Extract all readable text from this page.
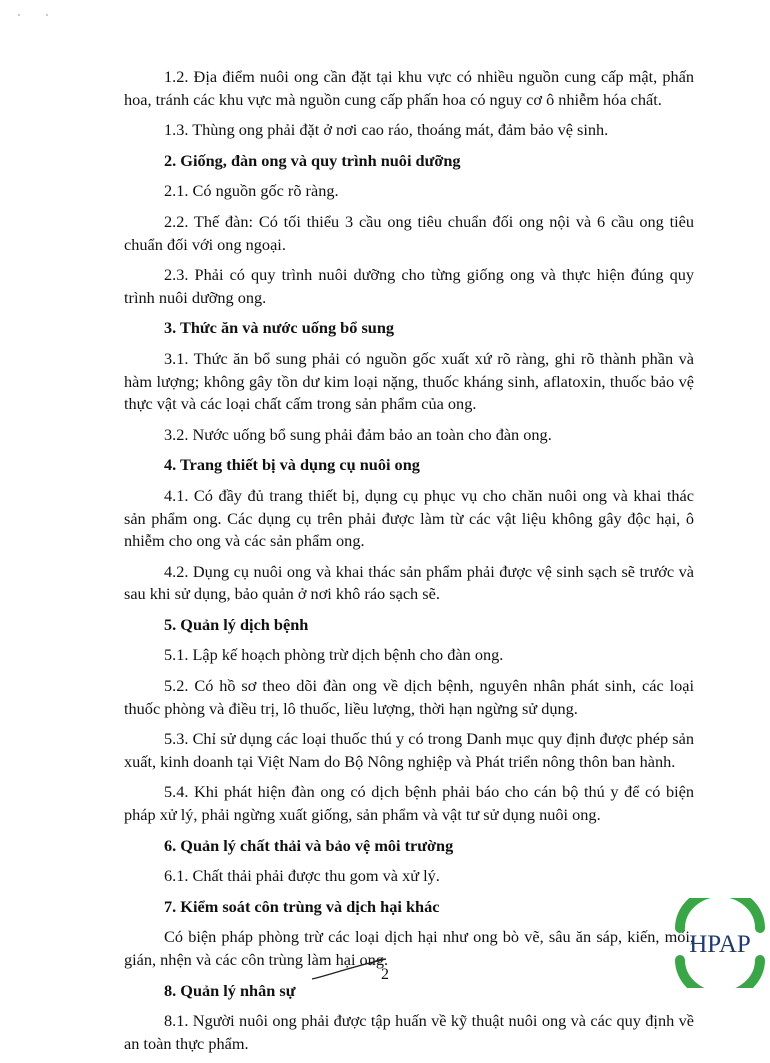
1.2. Địa điểm nuôi ong cần đặt tại khu vực có nhiều nguồn cung cấp mật, phấn hoa, tránh các khu vực mà nguồn cung cấp phấn hoa có nguy cơ ô nhiễm hóa chất.

1.3. Thùng ong phải đặt ở nơi cao ráo, thoáng mát, đảm bảo vệ sinh.

2. Giống, đàn ong và quy trình nuôi dưỡng

2.1. Có nguồn gốc rõ ràng.

2.2. Thế đàn: Có tối thiểu 3 cầu ong tiêu chuẩn đối ong nội và 6 cầu ong tiêu chuẩn đối với ong ngoại.

2.3. Phải có quy trình nuôi dưỡng cho từng giống ong và thực hiện đúng quy trình nuôi dưỡng ong.

3. Thức ăn và nước uống bổ sung

3.1. Thức ăn bổ sung phải có nguồn gốc xuất xứ rõ ràng, ghi rõ thành phần và hàm lượng; không gây tồn dư kim loại nặng, thuốc kháng sinh, aflatoxin, thuốc bảo vệ thực vật và các loại chất cấm trong sản phẩm của ong.

3.2. Nước uống bổ sung phải đảm bảo an toàn cho đàn ong.

4. Trang thiết bị và dụng cụ nuôi ong

4.1. Có đầy đủ trang thiết bị, dụng cụ phục vụ cho chăn nuôi ong và khai thác sản phẩm ong. Các dụng cụ trên phải được làm từ các vật liệu không gây độc hại, ô nhiễm cho ong và các sản phẩm ong.

4.2. Dụng cụ nuôi ong và khai thác sản phẩm phải được vệ sinh sạch sẽ trước và sau khi sử dụng, bảo quản ở nơi khô ráo sạch sẽ.

5. Quản lý dịch bệnh

5.1. Lập kế hoạch phòng trừ dịch bệnh cho đàn ong.

5.2. Có hồ sơ theo dõi đàn ong về dịch bệnh, nguyên nhân phát sinh, các loại thuốc phòng và điều trị, lô thuốc, liều lượng, thời hạn ngừng sử dụng.

5.3. Chỉ sử dụng các loại thuốc thú y có trong Danh mục quy định được phép sản xuất, kinh doanh tại Việt Nam do Bộ Nông nghiệp và Phát triển nông thôn ban hành.

5.4. Khi phát hiện đàn ong có dịch bệnh phải báo cho cán bộ thú y để có biện pháp xử lý, phải ngừng xuất giống, sản phẩm và vật tư sử dụng nuôi ong.

6. Quản lý chất thải và bảo vệ môi trường

6.1. Chất thải phải được thu gom và xử lý.

7. Kiểm soát côn trùng và dịch hại khác

Có biện pháp phòng trừ các loại dịch hại như ong bò vẽ, sâu ăn sáp, kiến, mối, gián, nhện và các côn trùng làm hại ong.

8. Quản lý nhân sự

8.1. Người nuôi ong phải được tập huấn về kỹ thuật nuôi ong và các quy định về an toàn thực phẩm.

2
HPAP
